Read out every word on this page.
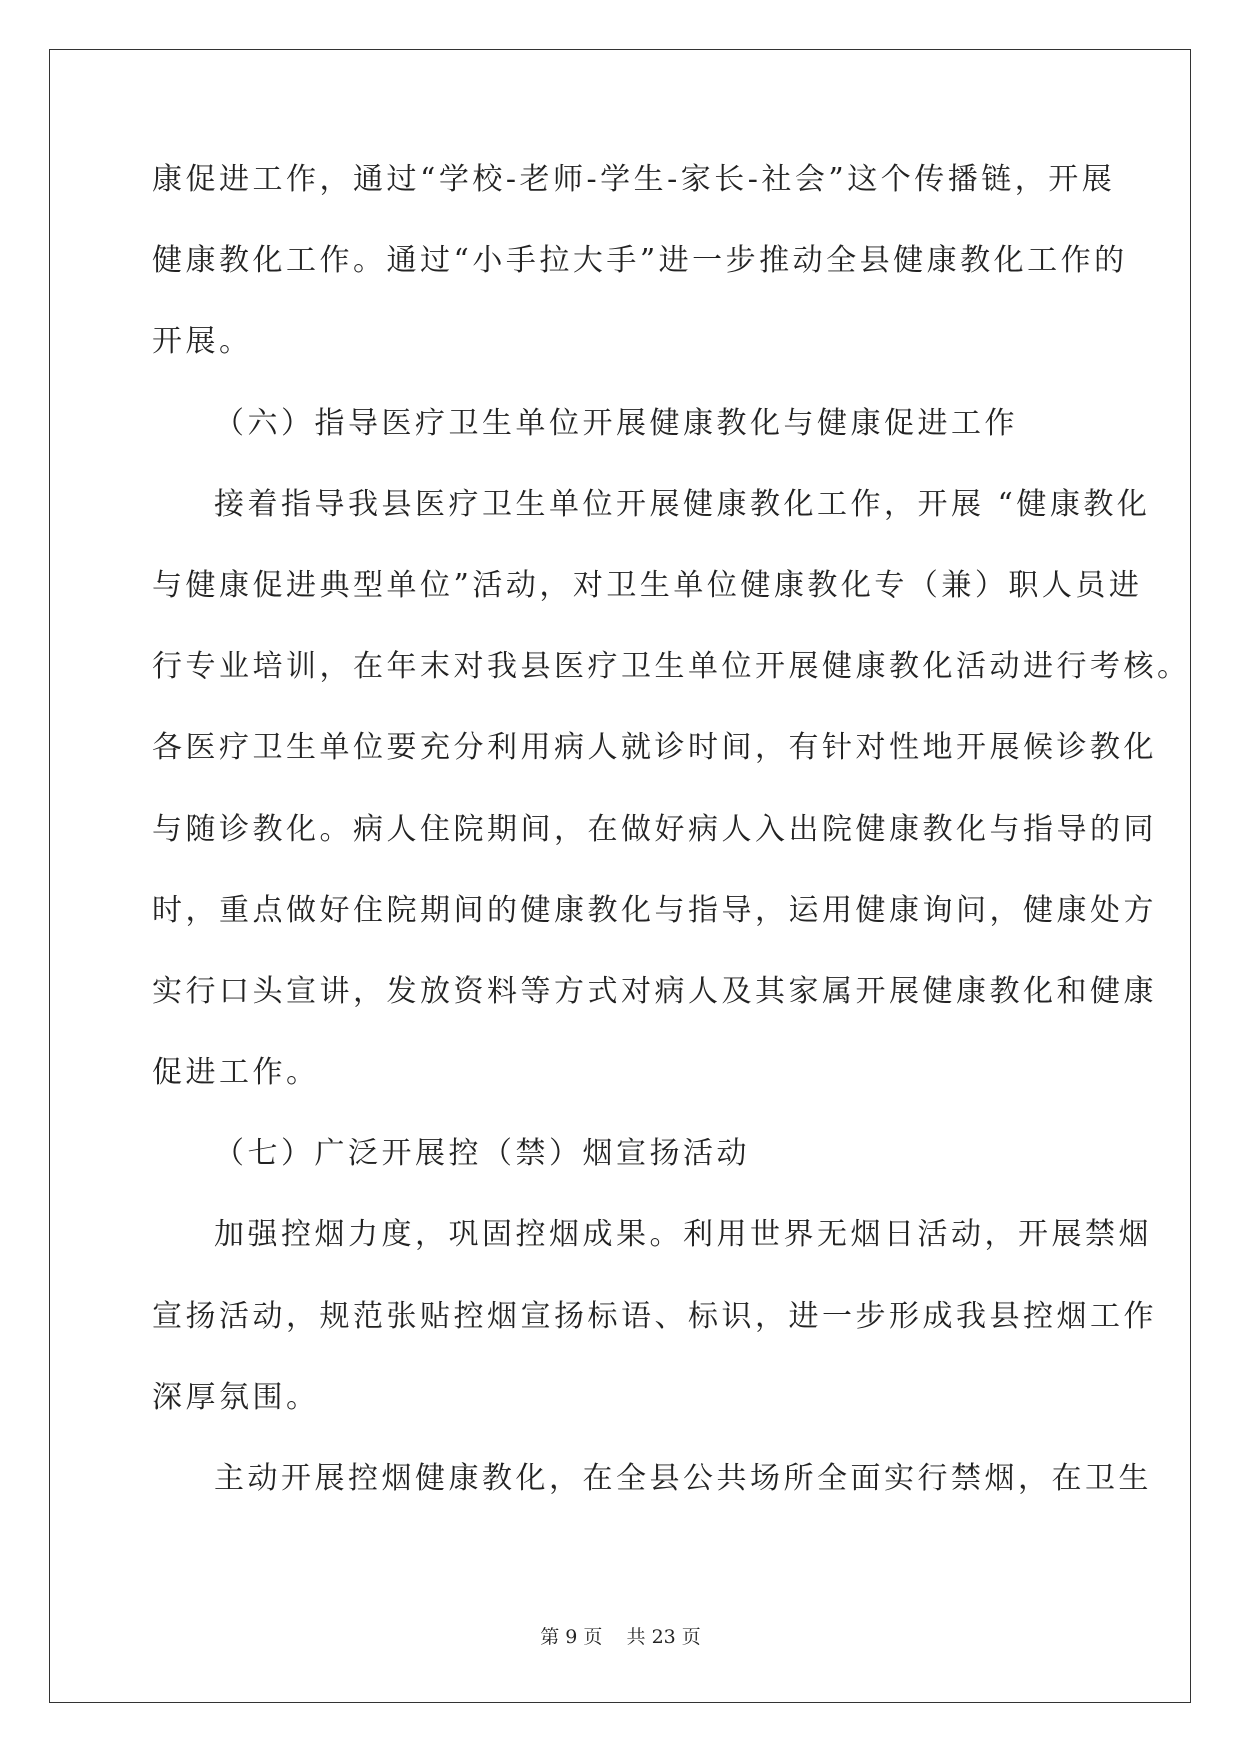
康促进工作，通过“学校-老师-学生-家长-社会”这个传播链，开展
健康教化工作。通过“小手拉大手”进一步推动全县健康教化工作的
开展。
（六）指导医疗卫生单位开展健康教化与健康促进工作
接着指导我县医疗卫生单位开展健康教化工作，开展 “健康教化
与健康促进典型单位”活动，对卫生单位健康教化专（兼）职人员进
行专业培训，在年末对我县医疗卫生单位开展健康教化活动进行考核。
各医疗卫生单位要充分利用病人就诊时间，有针对性地开展候诊教化
与随诊教化。病人住院期间，在做好病人入出院健康教化与指导的同
时，重点做好住院期间的健康教化与指导，运用健康询问，健康处方
实行口头宣讲，发放资料等方式对病人及其家属开展健康教化和健康
促进工作。
（七）广泛开展控（禁）烟宣扬活动
加强控烟力度，巩固控烟成果。利用世界无烟日活动，开展禁烟
宣扬活动，规范张贴控烟宣扬标语、标识，进一步形成我县控烟工作
深厚氛围。
主动开展控烟健康教化，在全县公共场所全面实行禁烟，在卫生
第 9 页    共 23 页
